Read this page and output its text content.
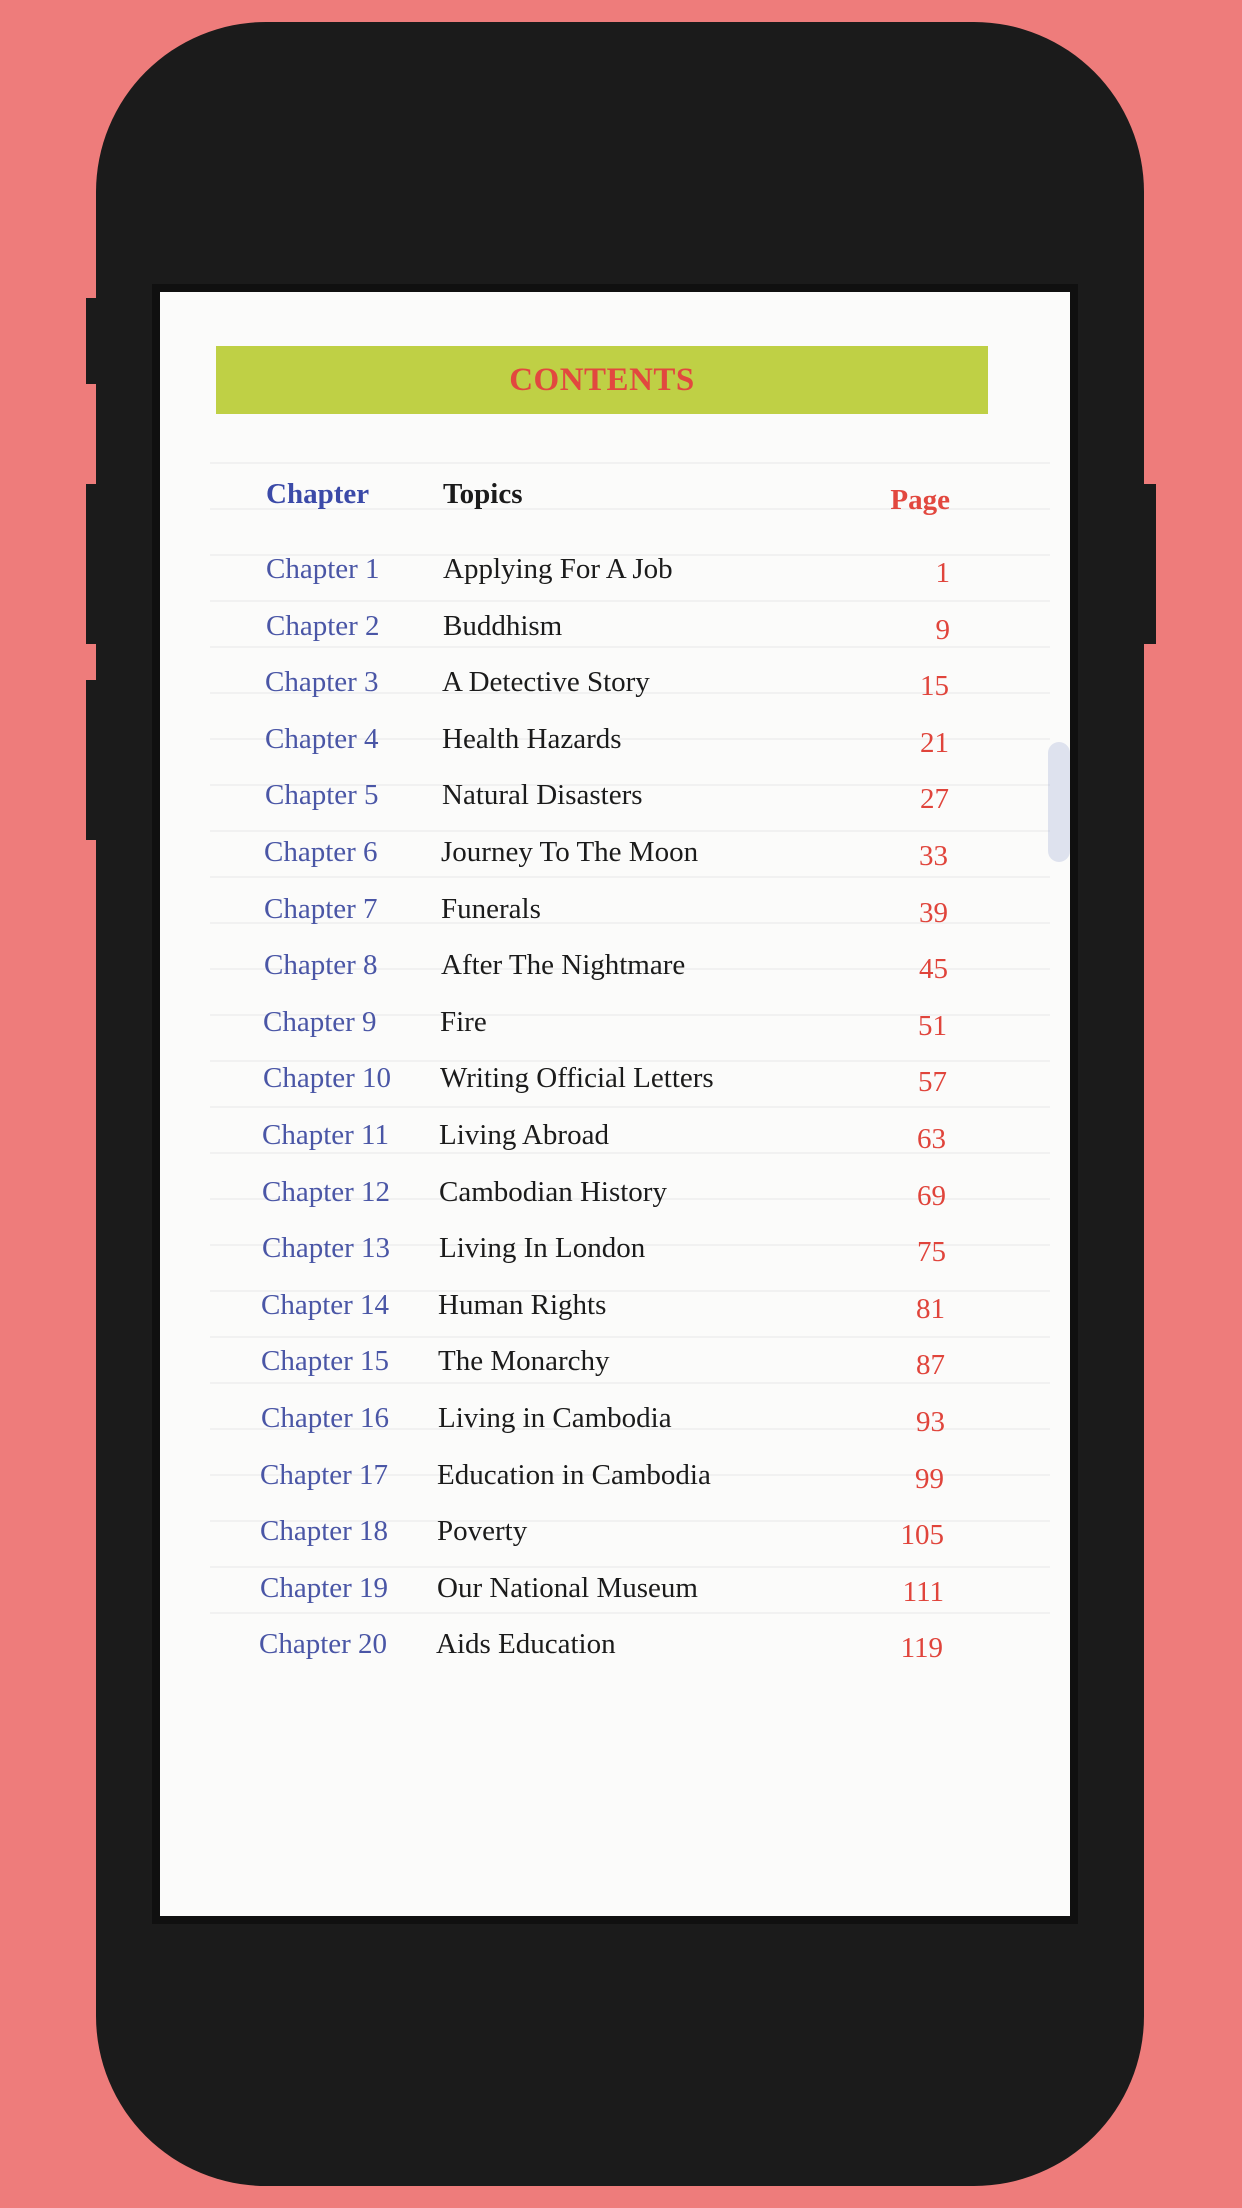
CONTENTS
Chapter	Topics	Page
Chapter 1 Applying For A Job	1
Chapter 2 Buddhism	9
Chapter 3 A Detective Story	15
Chapter 4 Health Hazards	21
Chapter 5 Natural Disasters	27
Chapter 6 Journey To The Moon	33
Chapter 7 Funerals	39
Chapter 8 After The Nightmare	45
Chapter 9 Fire	51
Chapter 10 Writing Official Letters	57
Chapter 11 Living Abroad	63
Chapter 12 Cambodian History	69
Chapter 13 Living In London	75
Chapter 14 Human Rights	81
Chapter 15 The Monarchy	87
Chapter 16 Living in Cambodia	93
Chapter 17 Education in Cambodia	99
Chapter 18 Poverty	105
Chapter 19 Our National Museum	111
Chapter 20 Aids Education	119
